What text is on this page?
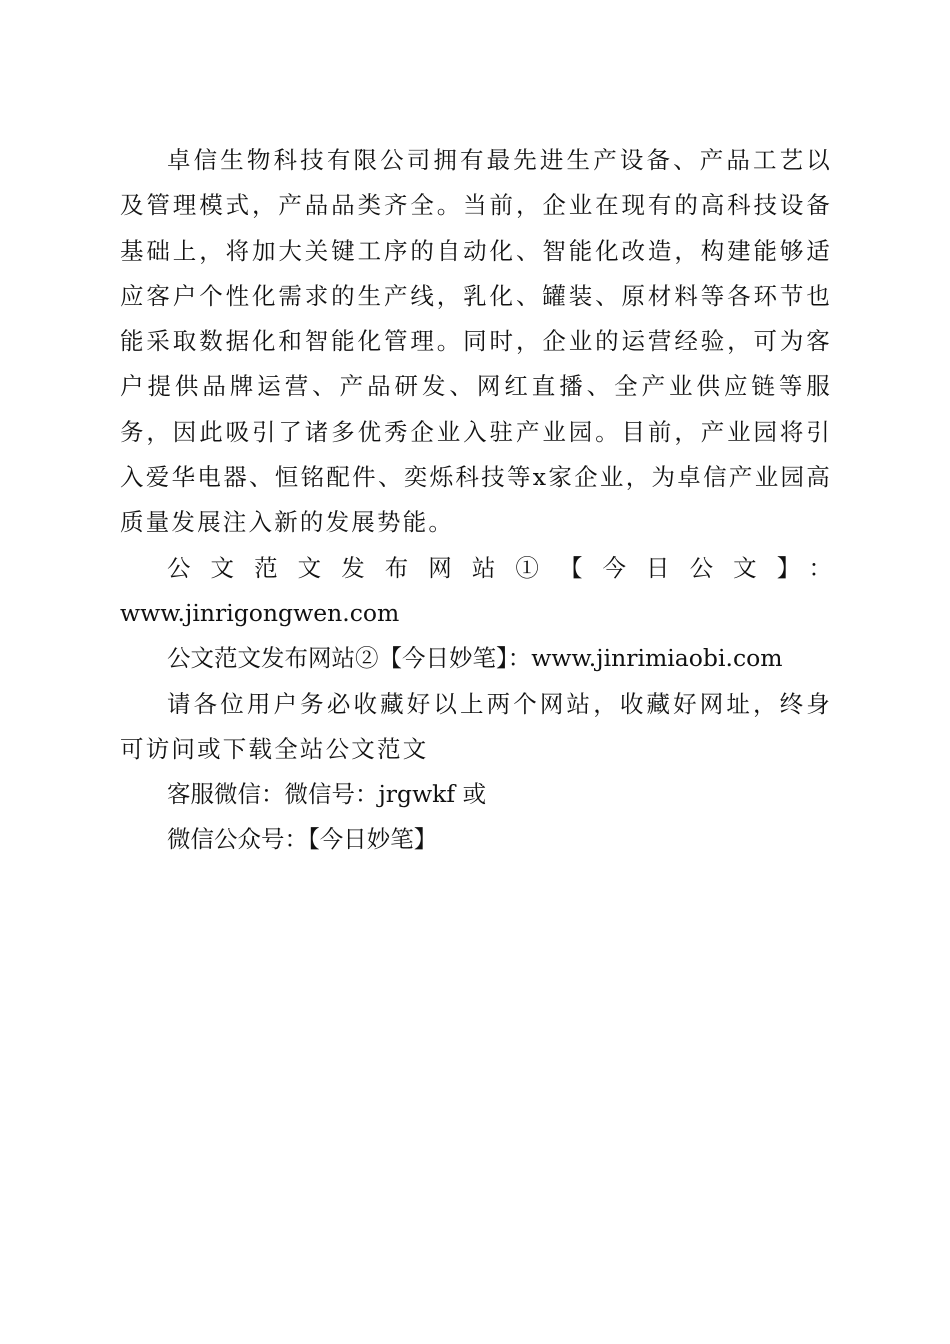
卓信生物科技有限公司拥有最先进生产设备、产品工艺以及管理模式，产品品类齐全。当前，企业在现有的高科技设备基础上，将加大关键工序的自动化、智能化改造，构建能够适应客户个性化需求的生产线，乳化、罐装、原材料等各环节也能采取数据化和智能化管理。同时，企业的运营经验，可为客户提供品牌运营、产品研发、网红直播、全产业供应链等服务，因此吸引了诸多优秀企业入驻产业园。目前，产业园将引入爱华电器、恒铭配件、奕烁科技等x家企业，为卓信产业园高质量发展注入新的发展势能。

公文范文发布网站①【今日公文】：

www.jinrigongwen.com

公文范文发布网站②【今日妙笔】：www.jinrimiaobi.com

请各位用户务必收藏好以上两个网站，收藏好网址，终身可访问或下载全站公文范文

客服微信：微信号：jrgwkf 或

微信公众号：【今日妙笔】
